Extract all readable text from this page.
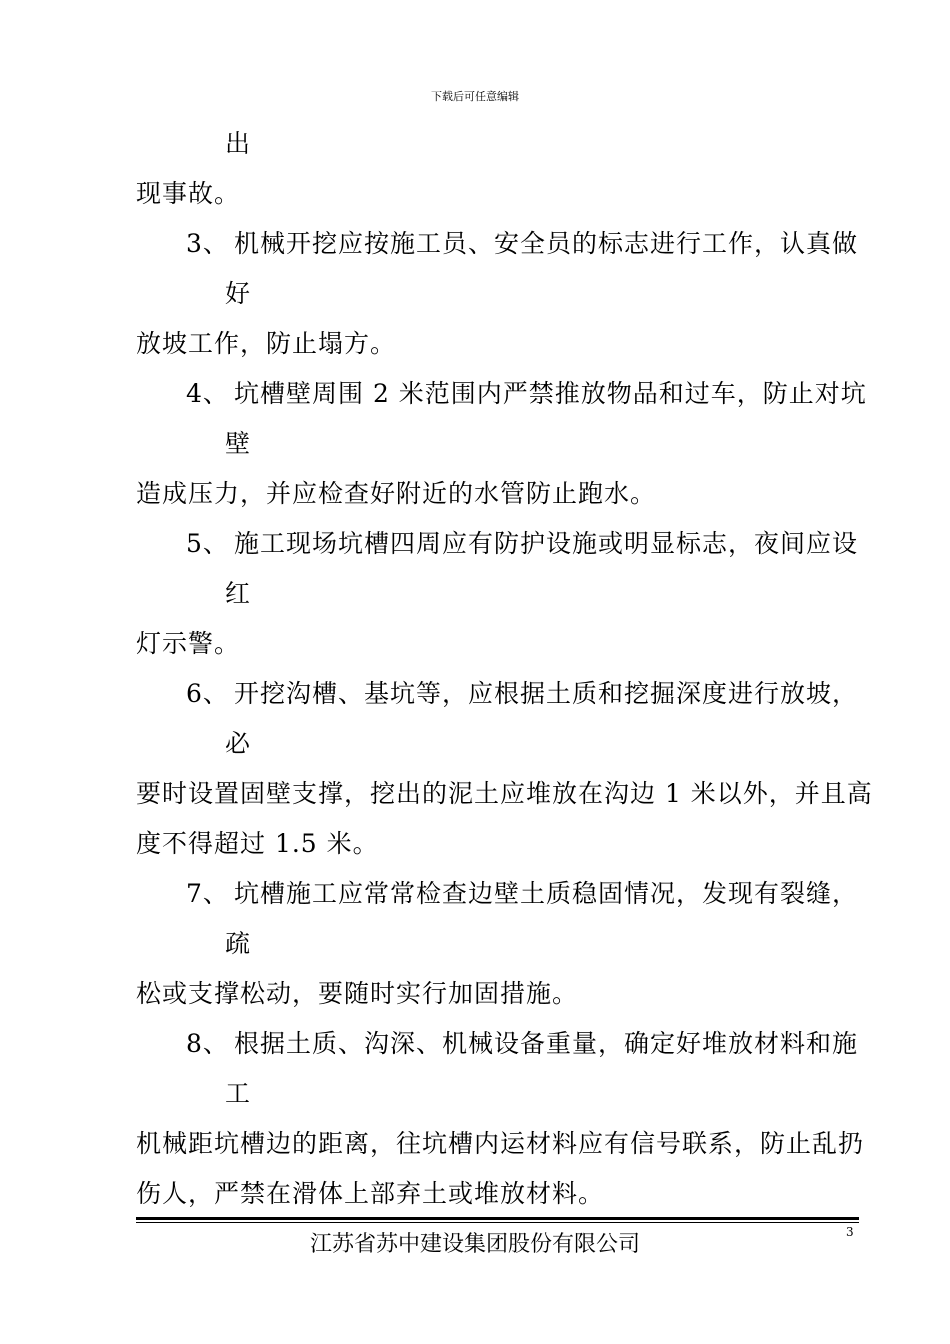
下载后可任意编辑
出
现事故。
3、 机械开挖应按施工员、安全员的标志进行工作，认真做
好
放坡工作，防止塌方。
4、 坑槽壁周围 2 米范围内严禁推放物品和过车，防止对坑
壁
造成压力，并应检查好附近的水管防止跑水。
5、 施工现场坑槽四周应有防护设施或明显标志，夜间应设
红
灯示警。
6、 开挖沟槽、基坑等，应根据土质和挖掘深度进行放坡，
必
要时设置固壁支撑，挖出的泥土应堆放在沟边 1 米以外，并且高
度不得超过 1.5 米。
7、 坑槽施工应常常检查边壁土质稳固情况，发现有裂缝，
疏
松或支撑松动，要随时实行加固措施。
8、 根据土质、沟深、机械设备重量，确定好堆放材料和施
工
机械距坑槽边的距离，往坑槽内运材料应有信号联系，防止乱扔
伤人，严禁在滑体上部弃土或堆放材料。
江苏省苏中建设集团股份有限公司	3
